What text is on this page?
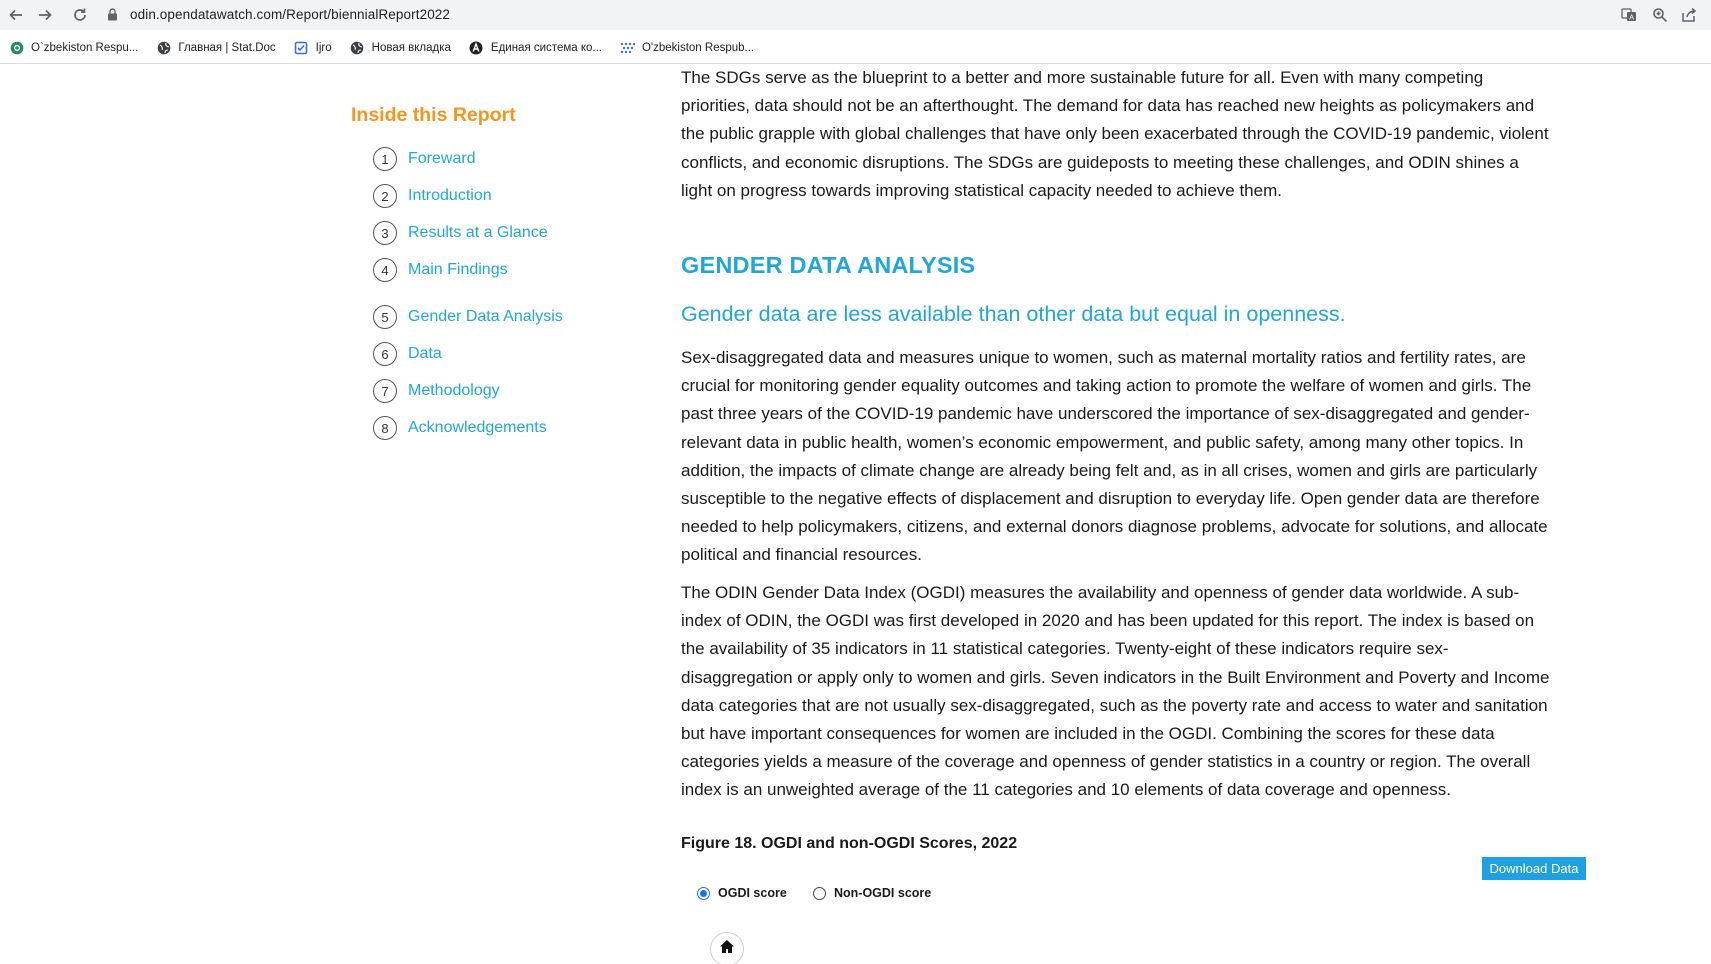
odin.opendatawatch.com/Report/biennialReport2022	A
O`zbekiston Respu...	Главная | Stat.Doc	Ijro	Новая вкладка	Единая система ко...	O'zbekiston Respub...
Inside this Report
1	Foreward
2	Introduction
3	Results at a Glance
4	Main Findings
5	Gender Data Analysis
6	Data
7	Methodology
8	Acknowledgements
The SDGs serve as the blueprint to a better and more sustainable future for all. Even with many competing
priorities, data should not be an afterthought. The demand for data has reached new heights as policymakers and
the public grapple with global challenges that have only been exacerbated through the COVID-19 pandemic, violent
conflicts, and economic disruptions. The SDGs are guideposts to meeting these challenges, and ODIN shines a
light on progress towards improving statistical capacity needed to achieve them.
GENDER DATA ANALYSIS
Gender data are less available than other data but equal in openness.
Sex-disaggregated data and measures unique to women, such as maternal mortality ratios and fertility rates, are
crucial for monitoring gender equality outcomes and taking action to promote the welfare of women and girls. The
past three years of the COVID-19 pandemic have underscored the importance of sex-disaggregated and gender-
relevant data in public health, women’s economic empowerment, and public safety, among many other topics. In
addition, the impacts of climate change are already being felt and, as in all crises, women and girls are particularly
susceptible to the negative effects of displacement and disruption to everyday life. Open gender data are therefore
needed to help policymakers, citizens, and external donors diagnose problems, advocate for solutions, and allocate
political and financial resources.
The ODIN Gender Data Index (OGDI) measures the availability and openness of gender data worldwide. A sub-
index of ODIN, the OGDI was first developed in 2020 and has been updated for this report. The index is based on
the availability of 35 indicators in 11 statistical categories. Twenty-eight of these indicators require sex-
disaggregation or apply only to women and girls. Seven indicators in the Built Environment and Poverty and Income
data categories that are not usually sex-disaggregated, such as the poverty rate and access to water and sanitation
but have important consequences for women are included in the OGDI. Combining the scores for these data
categories yields a measure of the coverage and openness of gender statistics in a country or region. The overall
index is an unweighted average of the 11 categories and 10 elements of data coverage and openness.
Figure 18. OGDI and non-OGDI Scores, 2022
Download Data
OGDI score	Non-OGDI score
